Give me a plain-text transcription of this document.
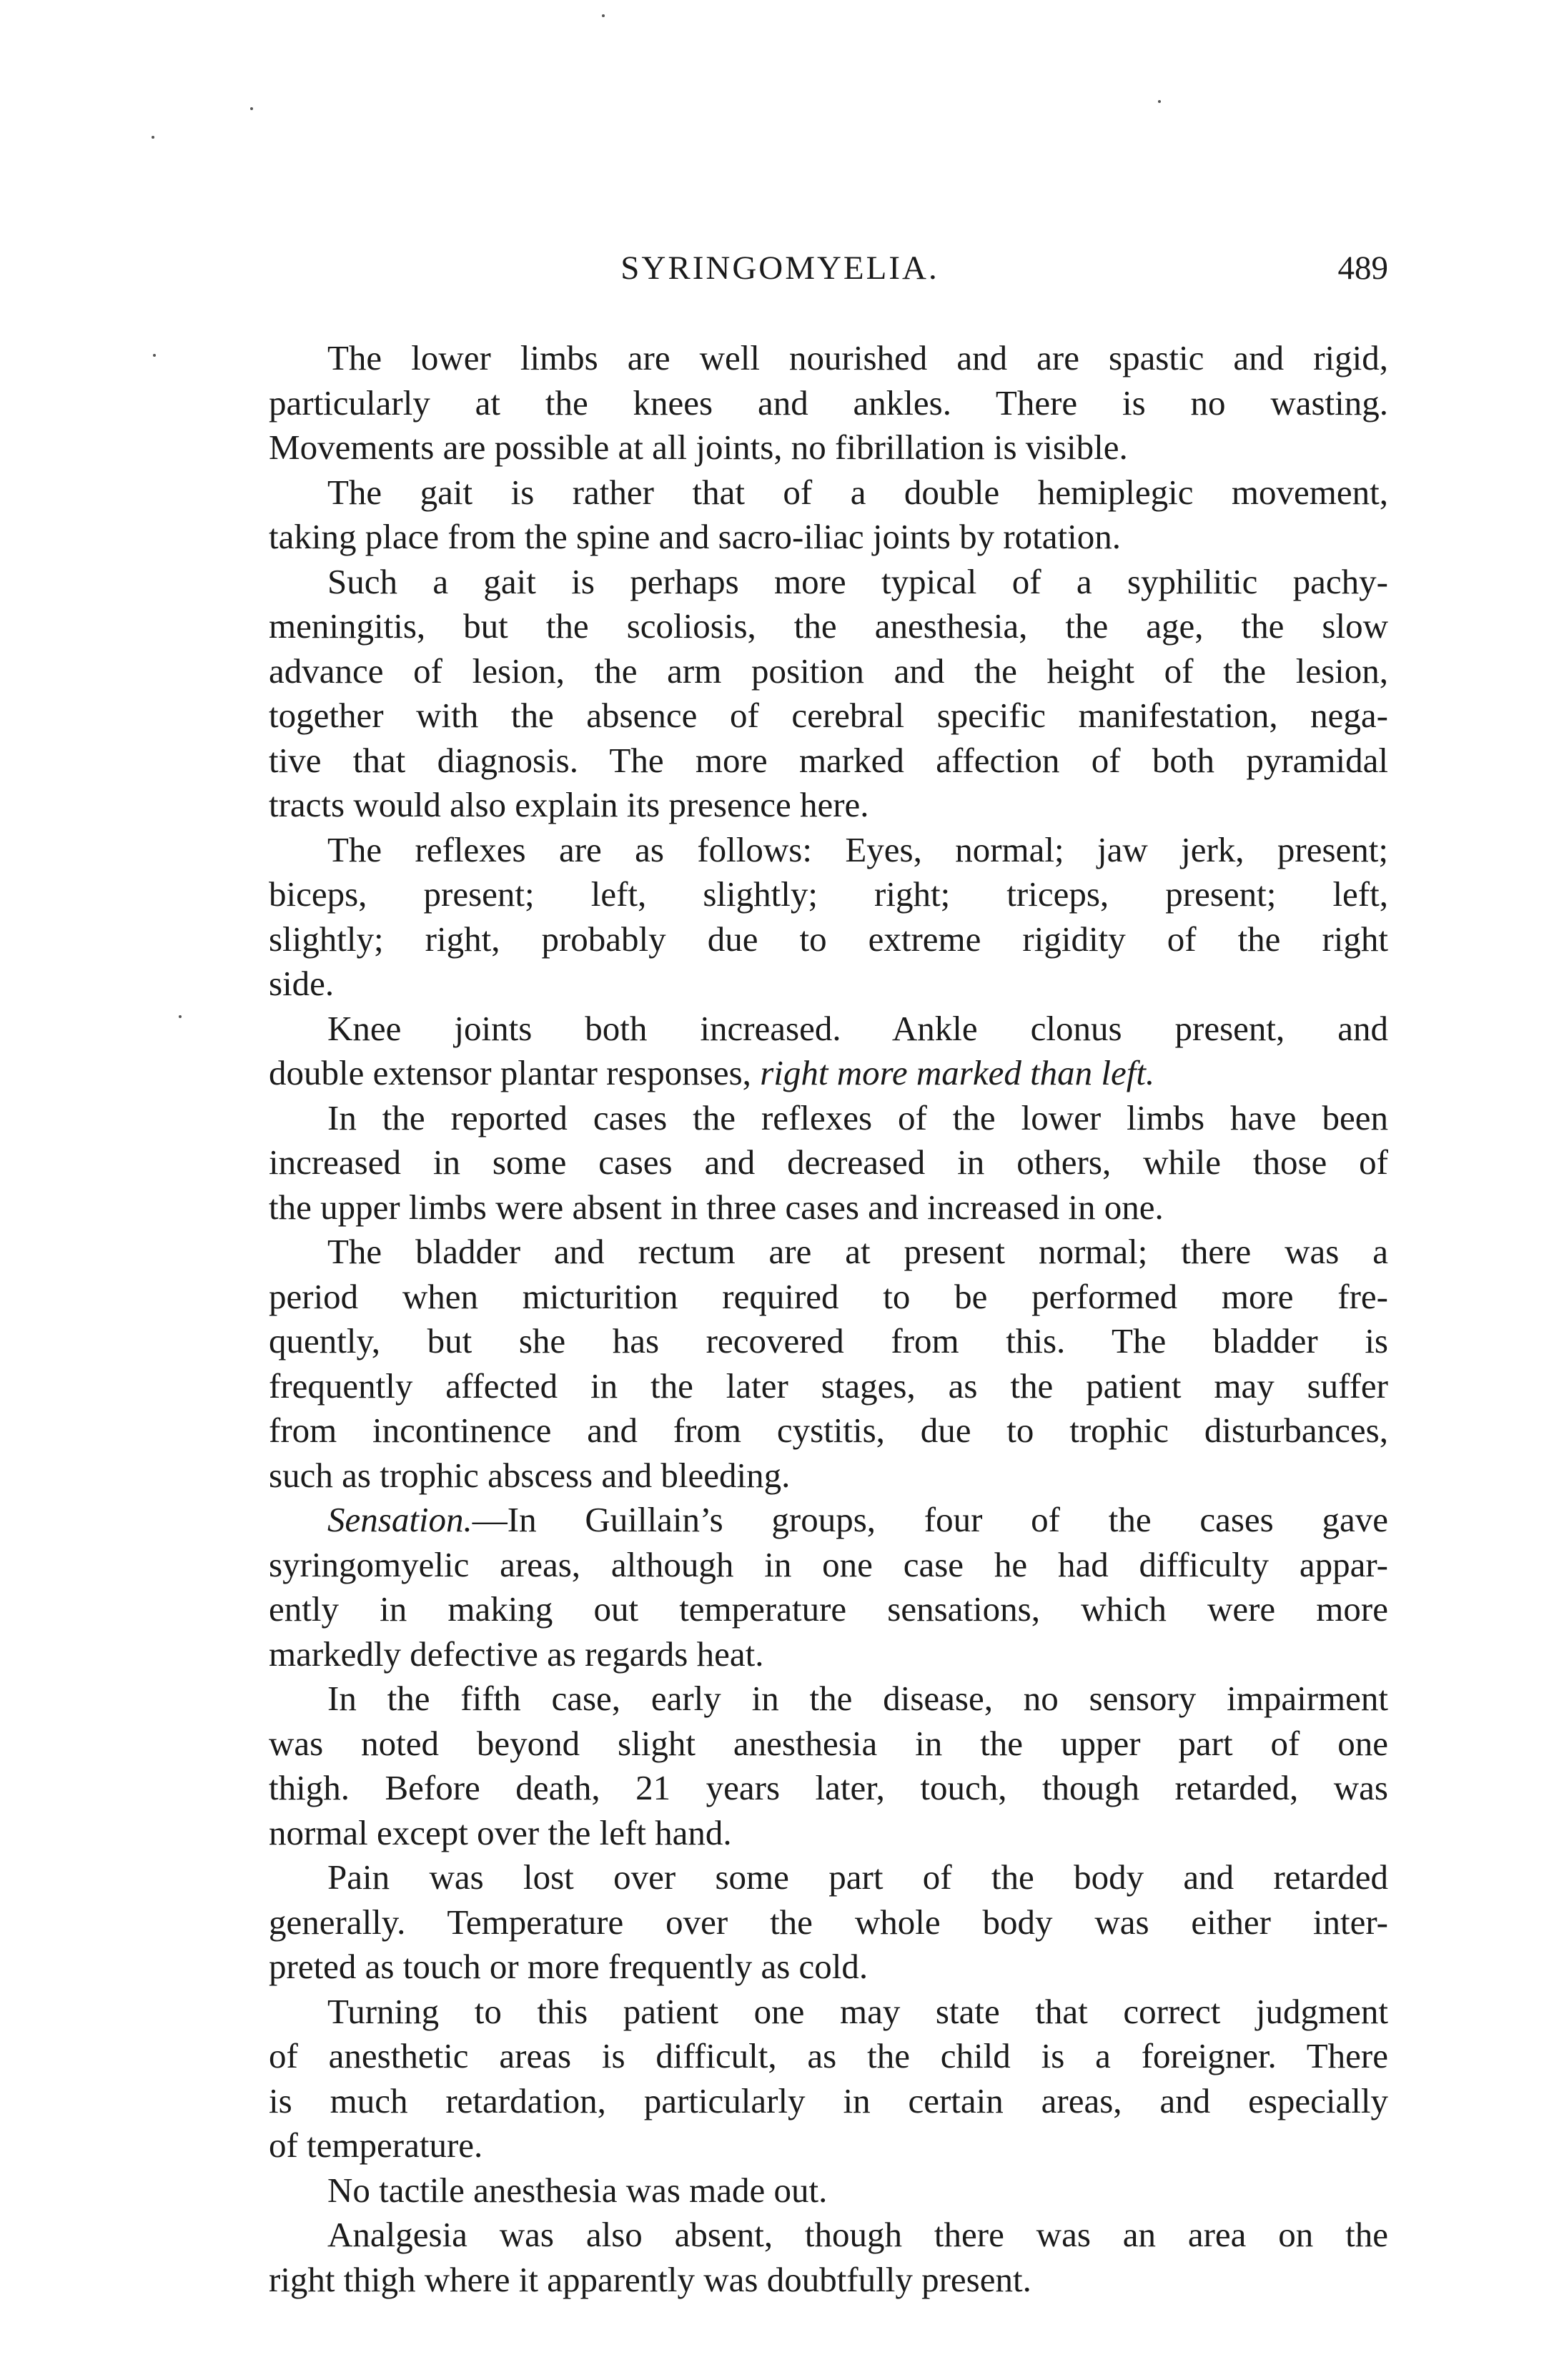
SYRINGOMYELIA.	489
The lower limbs are well nourished and are spastic and rigid,
particularly at the knees and ankles. There is no wasting.
Movements are possible at all joints, no fibrillation is visible.
The gait is rather that of a double hemiplegic movement,
taking place from the spine and sacro-iliac joints by rotation.
Such a gait is perhaps more typical of a syphilitic pachy-
meningitis, but the scoliosis, the anesthesia, the age, the slow
advance of lesion, the arm position and the height of the lesion,
together with the absence of cerebral specific manifestation, nega-
tive that diagnosis. The more marked affection of both pyramidal
tracts would also explain its presence here.
The reflexes are as follows: Eyes, normal; jaw jerk, present;
biceps, present; left, slightly; right; triceps, present; left,
slightly; right, probably due to extreme rigidity of the right
side.
Knee joints both increased. Ankle clonus present, and
double extensor plantar responses, right more marked than left.
In the reported cases the reflexes of the lower limbs have been
increased in some cases and decreased in others, while those of
the upper limbs were absent in three cases and increased in one.
The bladder and rectum are at present normal; there was a
period when micturition required to be performed more fre-
quently, but she has recovered from this. The bladder is
frequently affected in the later stages, as the patient may suffer
from incontinence and from cystitis, due to trophic disturbances,
such as trophic abscess and bleeding.
Sensation.—In Guillain’s groups, four of the cases gave
syringomyelic areas, although in one case he had difficulty appar-
ently in making out temperature sensations, which were more
markedly defective as regards heat.
In the fifth case, early in the disease, no sensory impairment
was noted beyond slight anesthesia in the upper part of one
thigh. Before death, 21 years later, touch, though retarded, was
normal except over the left hand.
Pain was lost over some part of the body and retarded
generally. Temperature over the whole body was either inter-
preted as touch or more frequently as cold.
Turning to this patient one may state that correct judgment
of anesthetic areas is difficult, as the child is a foreigner. There
is much retardation, particularly in certain areas, and especially
of temperature.
No tactile anesthesia was made out.
Analgesia was also absent, though there was an area on the
right thigh where it apparently was doubtfully present.
